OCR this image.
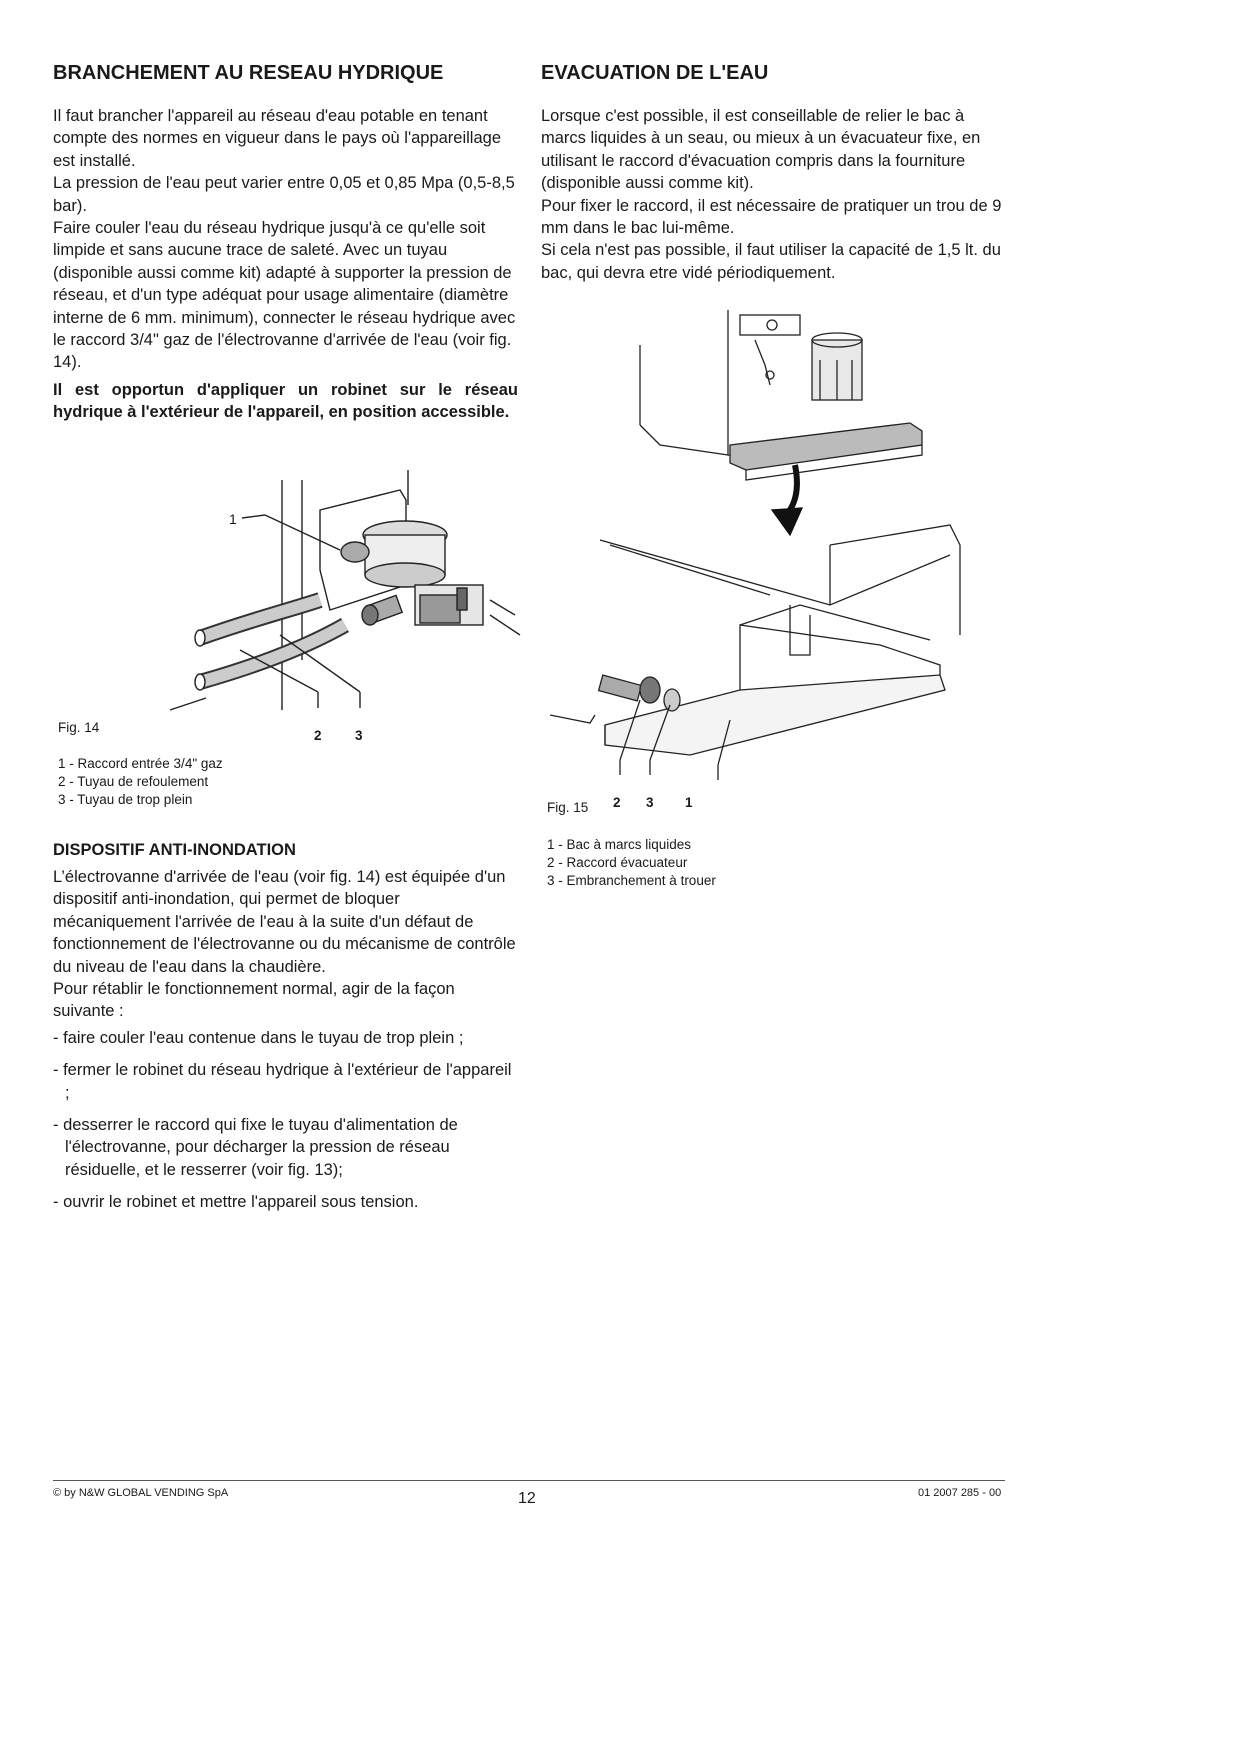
BRANCHEMENT AU RESEAU HYDRIQUE

Il faut brancher l'appareil au réseau d'eau potable en tenant compte des normes en vigueur dans le pays où l'appareillage est installé.

La pression de l'eau peut varier entre 0,05 et 0,85 Mpa (0,5-8,5 bar).

Faire couler l'eau du réseau hydrique jusqu'à ce qu'elle soit limpide et sans aucune trace de saleté. Avec un tuyau (disponible aussi comme kit) adapté à supporter la pression de réseau, et d'un type adéquat pour usage alimentaire (diamètre interne de 6 mm. minimum), connecter le réseau hydrique avec le raccord 3/4" gaz de l'électrovanne d'arrivée de l'eau (voir fig. 14).

Il est opportun d'appliquer un robinet sur le réseau hydrique à l'extérieur de l'appareil, en position accessible.

1
Fig. 14
2 3

1 - Raccord entrée 3/4" gaz

2 - Tuyau de refoulement

3 - Tuyau de trop plein

DISPOSITIF ANTI-INONDATION

L’électrovanne d'arrivée de l'eau (voir fig. 14) est équipée d'un dispositif anti-inondation, qui permet de bloquer mécaniquement l'arrivée de l'eau à la suite d'un défaut de fonctionnement de l'électrovanne ou du mécanisme de contrôle du niveau de l'eau dans la chaudière.

Pour rétablir le fonctionnement normal, agir de la façon suivante :

- faire couler l'eau contenue dans le tuyau de trop plein ;

- fermer le robinet du réseau hydrique à l'extérieur de l'appareil ;

- desserrer le raccord qui fixe le tuyau d'alimentation de l'électrovanne, pour décharger la pression de réseau résiduelle, et le resserrer (voir fig. 13);

- ouvrir le robinet et mettre l'appareil sous tension.

EVACUATION DE L'EAU

Lorsque c'est possible, il est conseillable de relier le bac à marcs liquides à un seau, ou mieux à un évacuateur fixe, en utilisant le raccord d'évacuation compris dans la fourniture (disponible aussi comme kit).

Pour fixer le raccord, il est nécessaire de pratiquer un trou de 9 mm dans le bac lui-même.

Si cela n'est pas possible, il faut utiliser la capacité de 1,5 lt. du bac, qui devra etre vidé périodiquement.

Fig. 15 2 3 1

1 - Bac à marcs liquides

2 - Raccord évacuateur

3 - Embranchement à trouer

© by N&W GLOBAL VENDING SpA	12	01 2007 285 - 00
